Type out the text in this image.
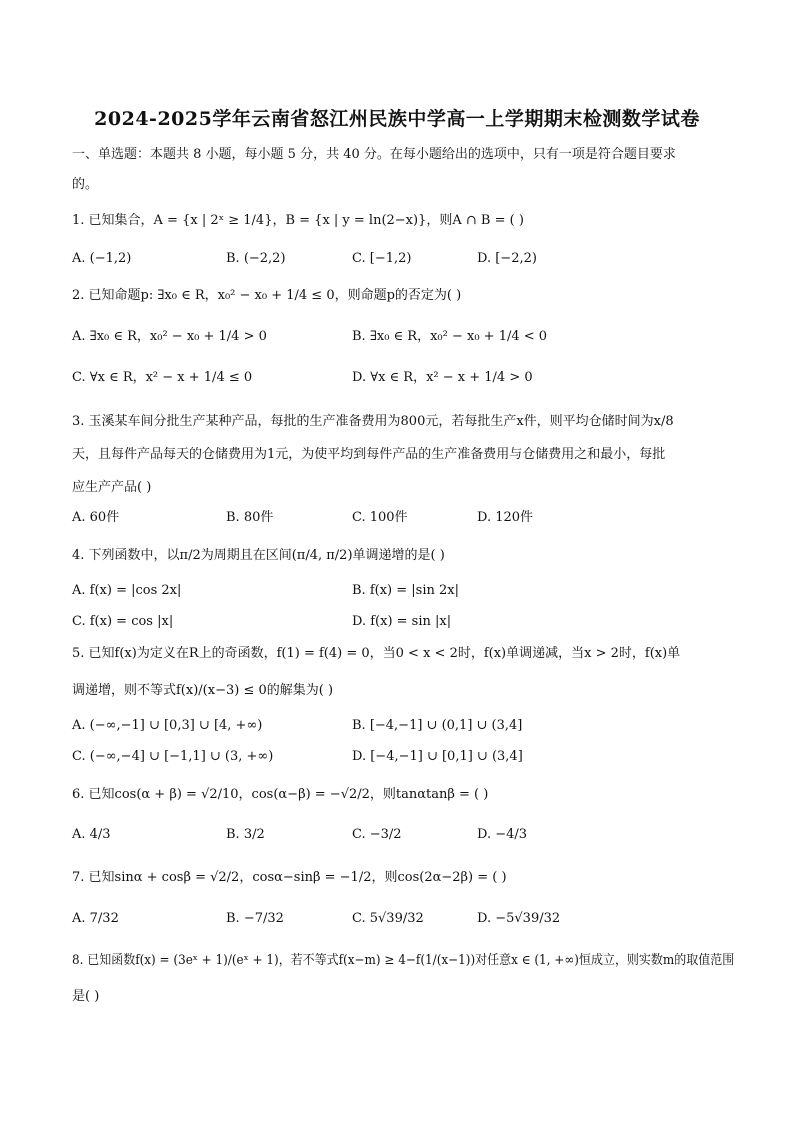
2024-2025学年云南省怒江州民族中学高一上学期期末检测数学试卷
一、单选题：本题共 8 小题，每小题 5 分，共 40 分。在每小题给出的选项中，只有一项是符合题目要求
的。
1. 已知集合，A = {x | 2ˣ ≥ 1/4}，B = {x | y = ln(2−x)}，则A ∩ B = ( )
A. (−1,2)	B. (−2,2)	C. [−1,2)	D. [−2,2)
2. 已知命题p: ∃x₀ ∈ R，x₀² − x₀ + 1/4 ≤ 0，则命题p的否定为( )
A. ∃x₀ ∈ R，x₀² − x₀ + 1/4 > 0	B. ∃x₀ ∈ R，x₀² − x₀ + 1/4 < 0
C. ∀x ∈ R，x² − x + 1/4 ≤ 0	D. ∀x ∈ R，x² − x + 1/4 > 0
3. 玉溪某车间分批生产某种产品，每批的生产准备费用为800元，若每批生产x件，则平均仓储时间为x/8
天，且每件产品每天的仓储费用为1元，为使平均到每件产品的生产准备费用与仓储费用之和最小，每批
应生产产品( )
A. 60件	B. 80件	C. 100件	D. 120件
4. 下列函数中，以π/2为周期且在区间(π/4, π/2)单调递增的是( )
A. f(x) = |cos 2x|	B. f(x) = |sin 2x|
C. f(x) = cos |x|	D. f(x) = sin |x|
5. 已知f(x)为定义在R上的奇函数，f(1) = f(4) = 0，当0 < x < 2时，f(x)单调递减，当x > 2时，f(x)单
调递增，则不等式f(x)/(x−3) ≤ 0的解集为( )
A. (−∞,−1] ∪ [0,3] ∪ [4, +∞)	B. [−4,−1] ∪ (0,1] ∪ (3,4]
C. (−∞,−4] ∪ [−1,1] ∪ (3, +∞)	D. [−4,−1] ∪ [0,1] ∪ (3,4]
6. 已知cos(α + β) = √2/10，cos(α−β) = −√2/2，则tanαtanβ = ( )
A. 4/3	B. 3/2	C. −3/2	D. −4/3
7. 已知sinα + cosβ = √2/2，cosα−sinβ = −1/2，则cos(2α−2β) = ( )
A. 7/32	B. −7/32	C. 5√39/32	D. −5√39/32
8. 已知函数f(x) = (3eˣ + 1)/(eˣ + 1)，若不等式f(x−m) ≥ 4−f(1/(x−1))对任意x ∈ (1, +∞)恒成立，则实数m的取值范围
是( )
